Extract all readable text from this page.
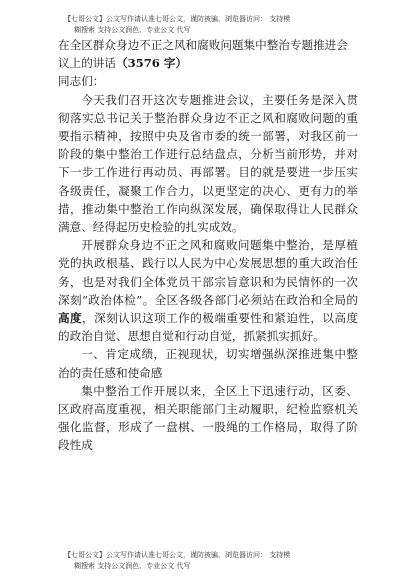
【七哥公文】公文写作请认准七哥公文，谨防被骗，浏览器访问： 支持模
糊搜索 支持公文润色、专业公文 代写

在全区群众身边不正之风和腐败问题集中整治专题推进会议上的讲话（3576 字）

同志们：

今天我们召开这次专题推进会议，主要任务是深入贯彻落实总书记关于整治群众身边不正之风和腐败问题的重要指示精神，按照中央及省市委的统一部署，对我区前一阶段的集中整治工作进行总结盘点，分析当前形势，并对下一步工作进行再动员、再部署。目的就是要进一步压实各级责任，凝聚工作合力，以更坚定的决心、更有力的举措，推动集中整治工作向纵深发展，确保取得让人民群众满意、经得起历史检验的扎实成效。

开展群众身边不正之风和腐败问题集中整治，是厚植党的执政根基、践行以人民为中心发展思想的重大政治任务，也是对我们全体党员干部宗旨意识和为民情怀的一次深刻“政治体检”。全区各级各部门必须站在政治和全局的高度，深刻认识这项工作的极端重要性和紧迫性，以高度的政治自觉、思想自觉和行动自觉，抓紧抓实抓好。

一、肯定成绩，正视现状，切实增强纵深推进集中整治的责任感和使命感

集中整治工作开展以来，全区上下迅速行动，区委、区政府高度重视，相关职能部门主动履职，纪检监察机关强化监督，形成了一盘棋、一股绳的工作格局，取得了阶段性成

【七哥公文】公文写作请认准七哥公文，谨防被骗，浏览器访问： 支持模
糊搜索 支持公文润色、专业公文 代写
